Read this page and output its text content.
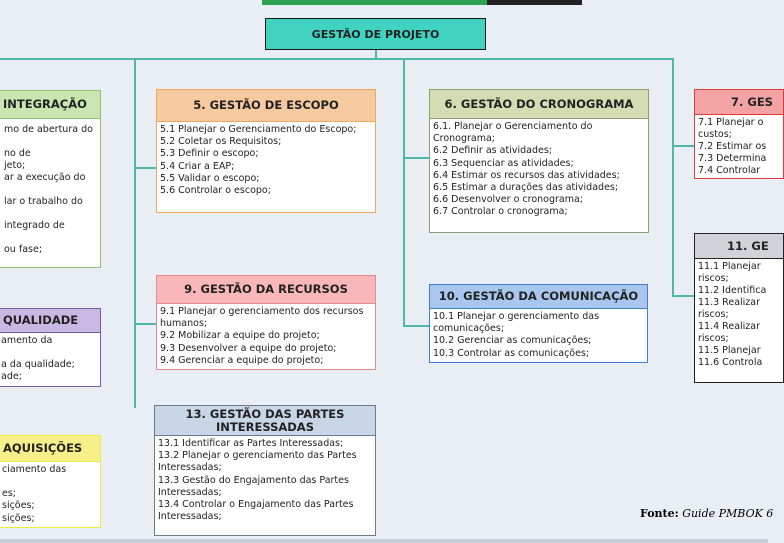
GESTÃO DE PROJETO
INTEGRAÇÃO
mo de abertura do
no de
jeto;
ar a execução do
lar o trabalho do
integrado de
ou fase;
5. GESTÃO DE ESCOPO
5.1 Planejar o Gerenciamento do Escopo;
5.2 Coletar os Requisitos;
5.3 Definir o escopo;
5.4 Criar a EAP;
5.5 Validar o escopo;
5.6 Controlar o escopo;
6. GESTÃO DO CRONOGRAMA
6.1. Planejar o Gerenciamento do Cronograma;
6.2 Definir as atividades;
6.3 Sequenciar as atividades;
6.4 Estimar os recursos das atividades;
6.5 Estimar a durações das atividades;
6.6 Desenvolver o cronograma;
6.7 Controlar o cronograma;
7. GES
7.1 Planejar o
custos;
7.2 Estimar os
7.3 Determina
7.4 Controlar
QUALIDADE
amento da
a da qualidade;
ade;
9. GESTÃO DA RECURSOS
9.1 Planejar o gerenciamento dos recursos humanos;
9.2 Mobilizar a equipe do projeto;
9.3 Desenvolver a equipe do projeto;
9.4 Gerenciar a equipe do projeto;
10. GESTÃO DA COMUNICAÇÃO
10.1 Planejar o gerenciamento das comunicações;
10.2 Gerenciar as comunicações;
10.3 Controlar as comunicações;
11. GE
11.1 Planejar
riscos;
11.2 Identifica
11.3 Realizar
riscos;
11.4 Realizar
riscos;
11.5 Planejar
11.6 Controla
AQUISIÇÕES
ciamento das
es;
sições;
sições;
13. GESTÃO DAS PARTES INTERESSADAS
13.1 Identificar as Partes Interessadas;
13.2 Planejar o gerenciamento das Partes Interessadas;
13.3 Gestão do Engajamento das Partes Interessadas;
13.4 Controlar o Engajamento das Partes Interessadas;	Fonte: Guide PMBOK 6
